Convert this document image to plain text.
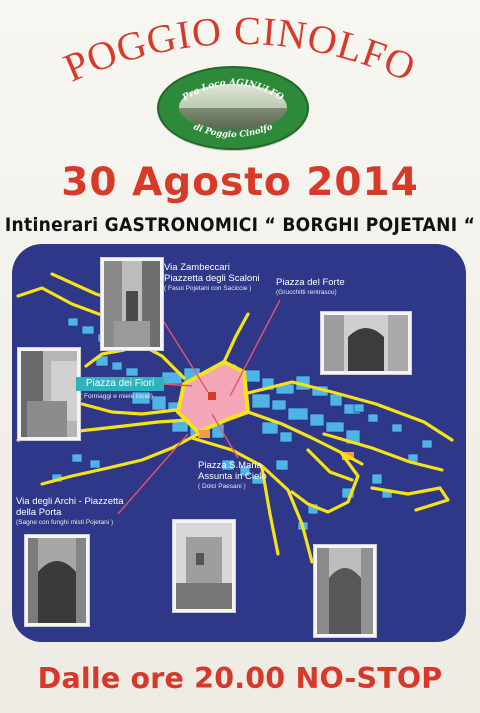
POGGIO CINOLFO
Pro Loco AGINULFO
di Poggio Cinolfo
30 Agosto 2014
Intinerari GASTRONOMICI “ BORGHI POJETANI “
Via Zambeccari
Piazzetta degli Scaloni
( Fasoi Pojetani con Saciccie )
Piazza del Forte
(Grucchitti rentrascu)
Piazza dei Fiori
( Formaggi e miele locali)
Piazza S.Maria
Assunta in Cielo
( Dolci Paesani )
Via degli Archi - Piazzetta
della Porta
(Sagne con funghi misti Pojetani )
Dalle ore 20.00 NO-STOP
